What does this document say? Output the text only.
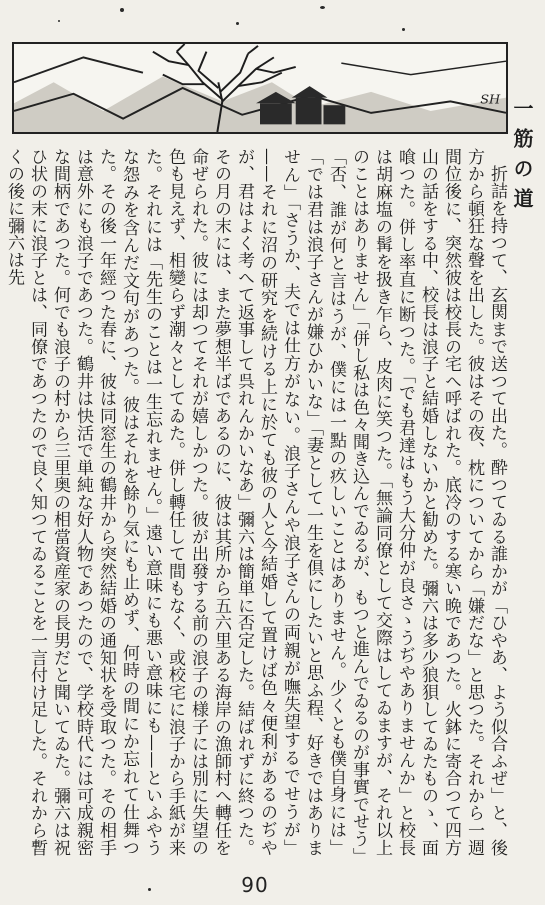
SH 一筋の道

折詰を持つて、玄関まで送つて出た。酔つてゐる誰かが「ひやあ、よう似合ふぜ」と、後方から頓狂な聲を出した。彼はその夜、枕についてから「嫌だな」と思つた。それから一週間位後に、突然彼は校長の宅へ呼ばれた。底冷のする寒い晩であつた。火鉢に寄合つて四方山の話をする中、校長は浪子と結婚しないかと勧めた。彌六は多少狼狽してゐたものゝ、面喰つた。併し率直に断つた。「でも君達はもう大分仲が良さゝうぢやありませんか」と校長は胡麻塩の髯を扱き乍ら、皮肉に笑つた。「無論同僚として交際はしてゐますが、それ以上のことはありません」「併し私は色々聞き込んでゐるが、もつと進んでゐるのが事實でせう」「否、誰が何と言はうが、僕には一點の疚しいことはありません。少くとも僕自身には」「では君は浪子さんが嫌ひかいな」「妻として一生を倶にしたいと思ふ程、好きではありません」「さうか、夫では仕方がない。浪子さんや浪子さんの両親が嘸失望するでせうが」——それに沼の研究を続ける上に於ても彼の人と今結婚して置けば色々便利があるのぢやが、君はよく考へて返事して呉れんかいなあ」彌六は簡単に否定した。結ばれずに終つた。その月の末には、また夢想半ばであるのに、彼は其所から五六里ある海岸の漁師村へ轉任を命ぜられた。彼には却つてそれが嬉しかつた。彼が出發する前の浪子の様子には別に失望の色も見えず、相變らず潮々としてゐた。併し轉任して間もなく、或校宅に浪子から手紙が来た。それには「先生のことは一生忘れません。」遠い意味にも悪い意味にも——といふやうな怨みを含んだ文句があつた。彼はそれを餘り気にも止めず、何時の間にか忘れて仕舞つた。その後一年經つた春に、彼は同窓生の鶴井から突然結婚の通知状を受取つた。その相手は意外にも浪子であつた。鶴井は快活で単純な好人物であつたので、学校時代には可成親密な間柄であつた。何でも浪子の村から三里奥の相當資産家の長男だと聞いてゐた。彌六は祝ひ状の末に浪子とは、同僚であつたので良く知つてゐることを一言付け足した。それから暫くの後に彌六は先

90
